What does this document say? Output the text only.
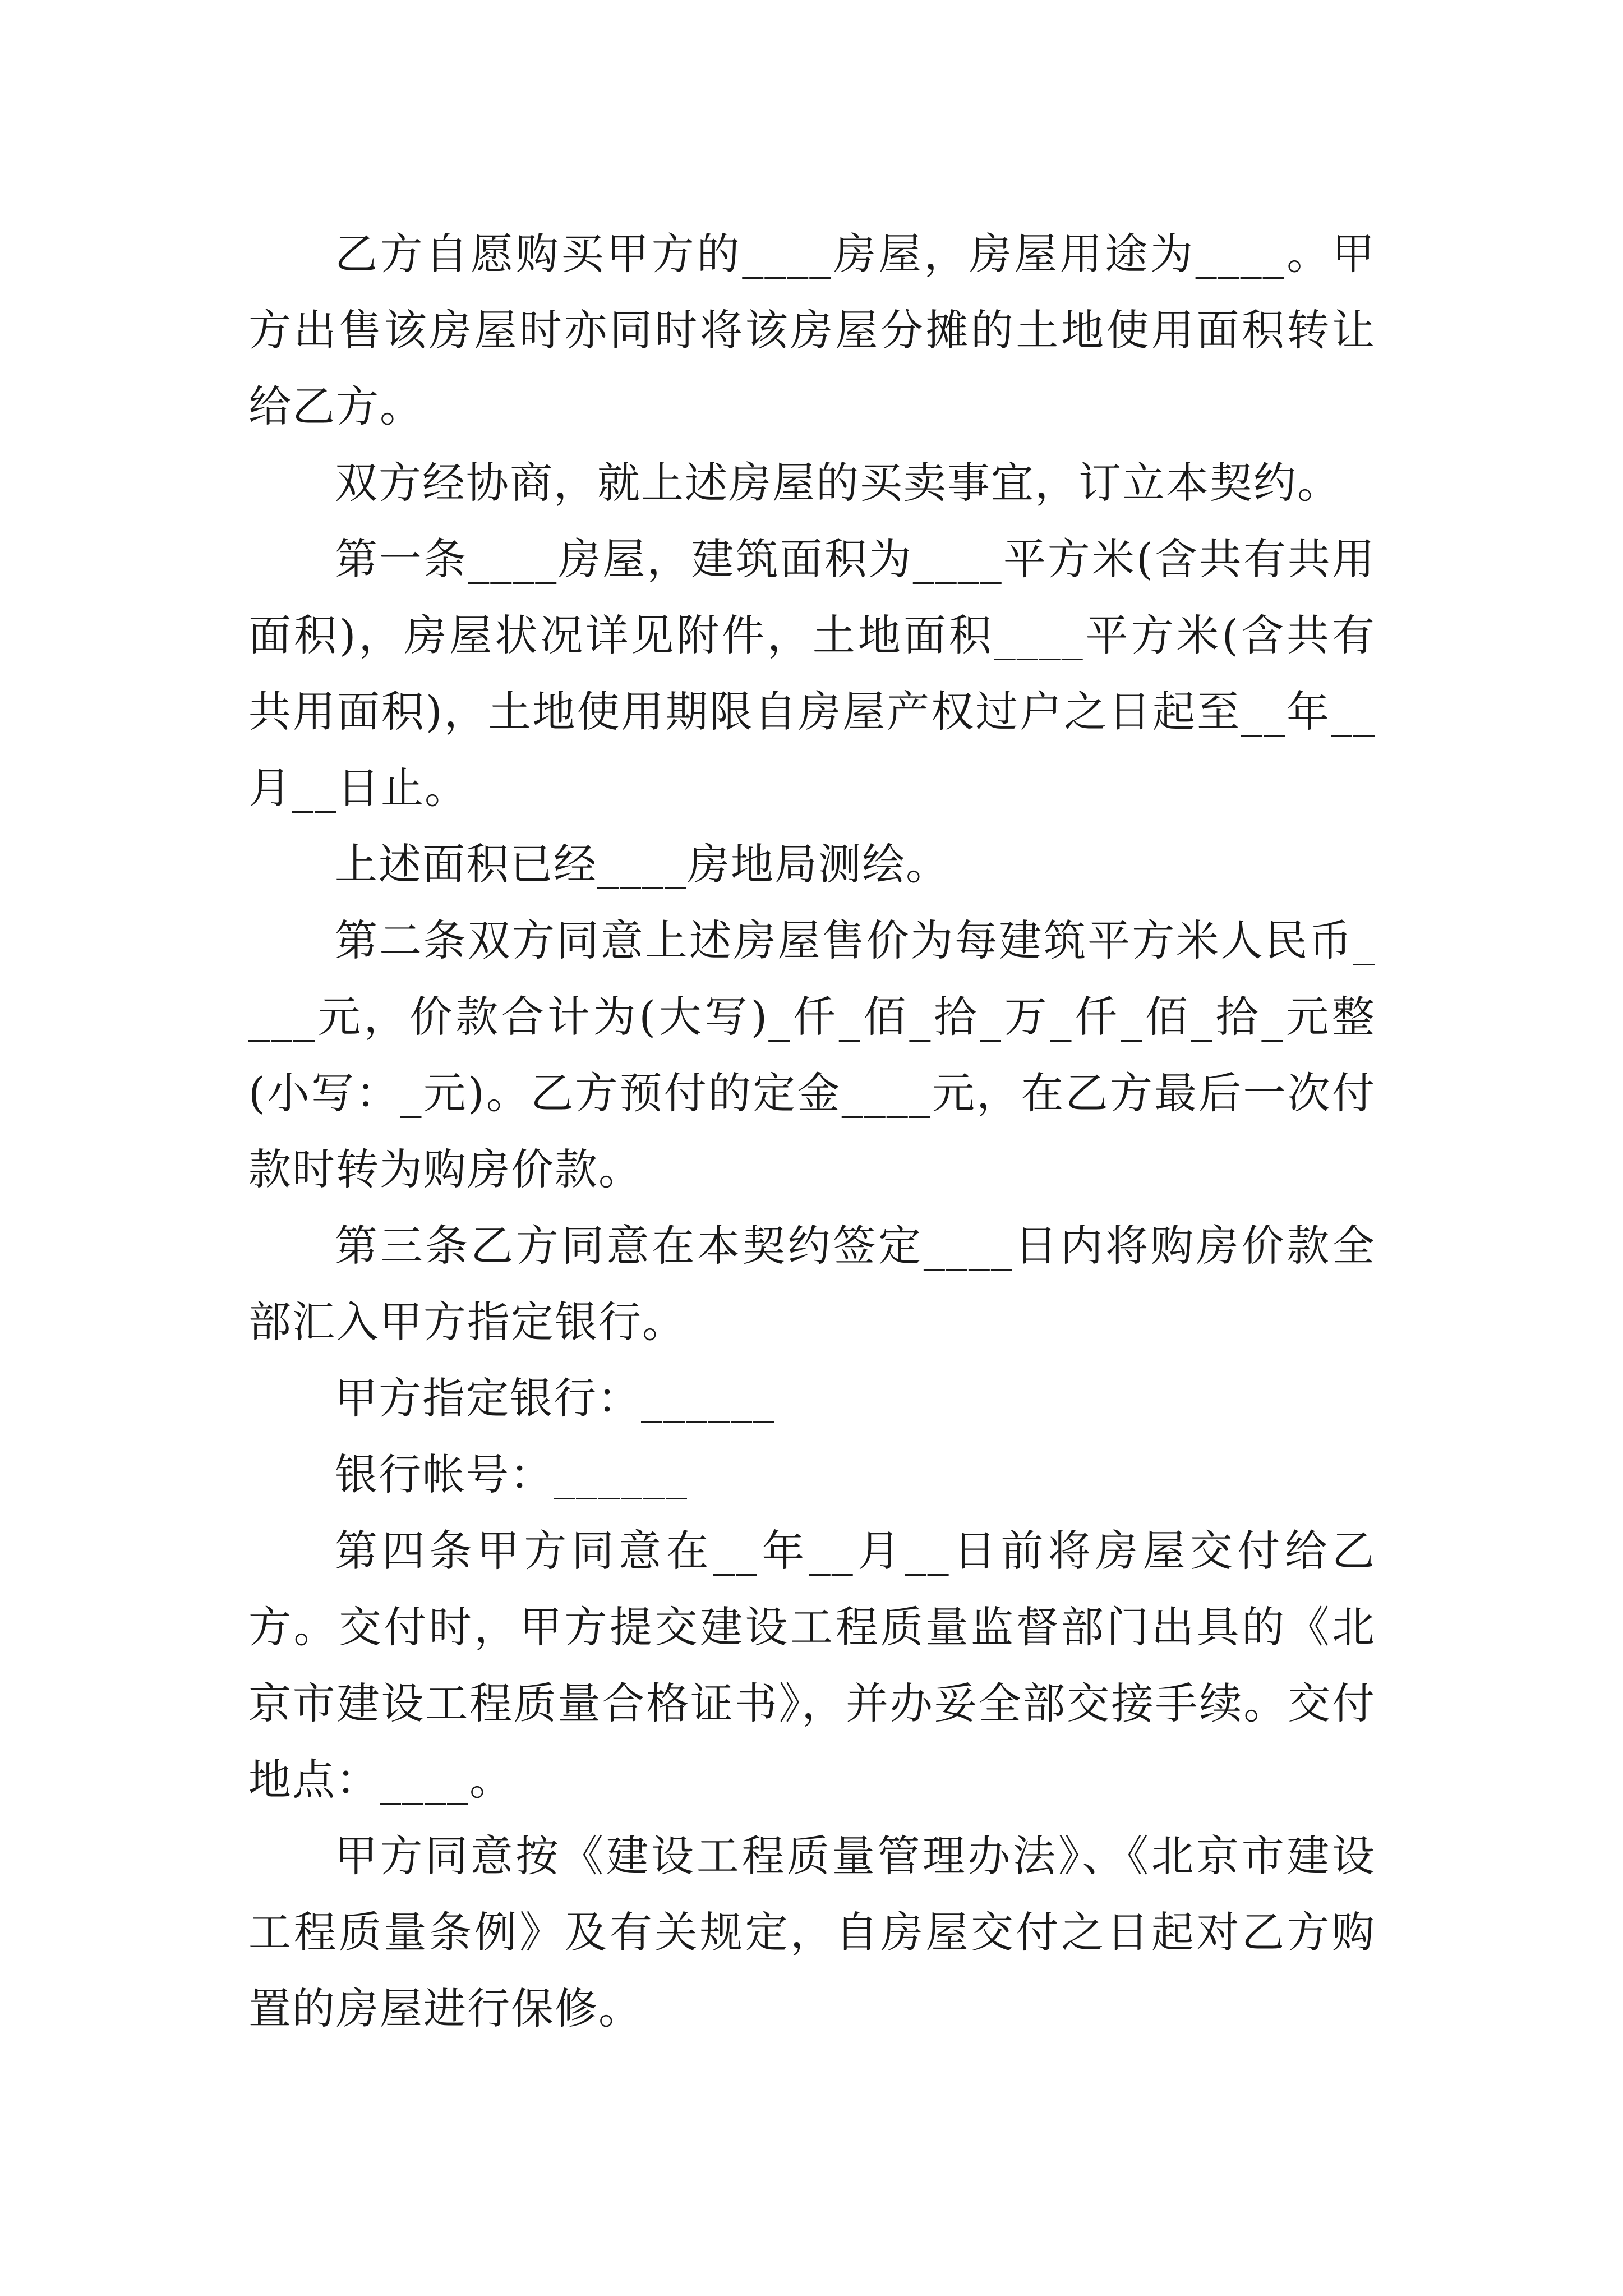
乙方自愿购买甲方的____房屋，房屋用途为____。甲方出售该房屋时亦同时将该房屋分摊的土地使用面积转让给乙方。

双方经协商，就上述房屋的买卖事宜，订立本契约。

第一条____房屋，建筑面积为____平方米(含共有共用面积)，房屋状况详见附件，土地面积____平方米(含共有共用面积)，土地使用期限自房屋产权过户之日起至__年__月__日止。

上述面积已经____房地局测绘。

第二条双方同意上述房屋售价为每建筑平方米人民币____元，价款合计为(大写)_仟_佰_拾_万_仟_佰_拾_元整(小写：_元)。乙方预付的定金____元，在乙方最后一次付款时转为购房价款。

第三条乙方同意在本契约签定____日内将购房价款全部汇入甲方指定银行。

甲方指定银行：______

银行帐号：______

第四条甲方同意在__年__月__日前将房屋交付给乙方。交付时，甲方提交建设工程质量监督部门出具的《北京市建设工程质量合格证书》，并办妥全部交接手续。交付地点：____。

甲方同意按《建设工程质量管理办法》、《北京市建设工程质量条例》及有关规定，自房屋交付之日起对乙方购置的房屋进行保修。
